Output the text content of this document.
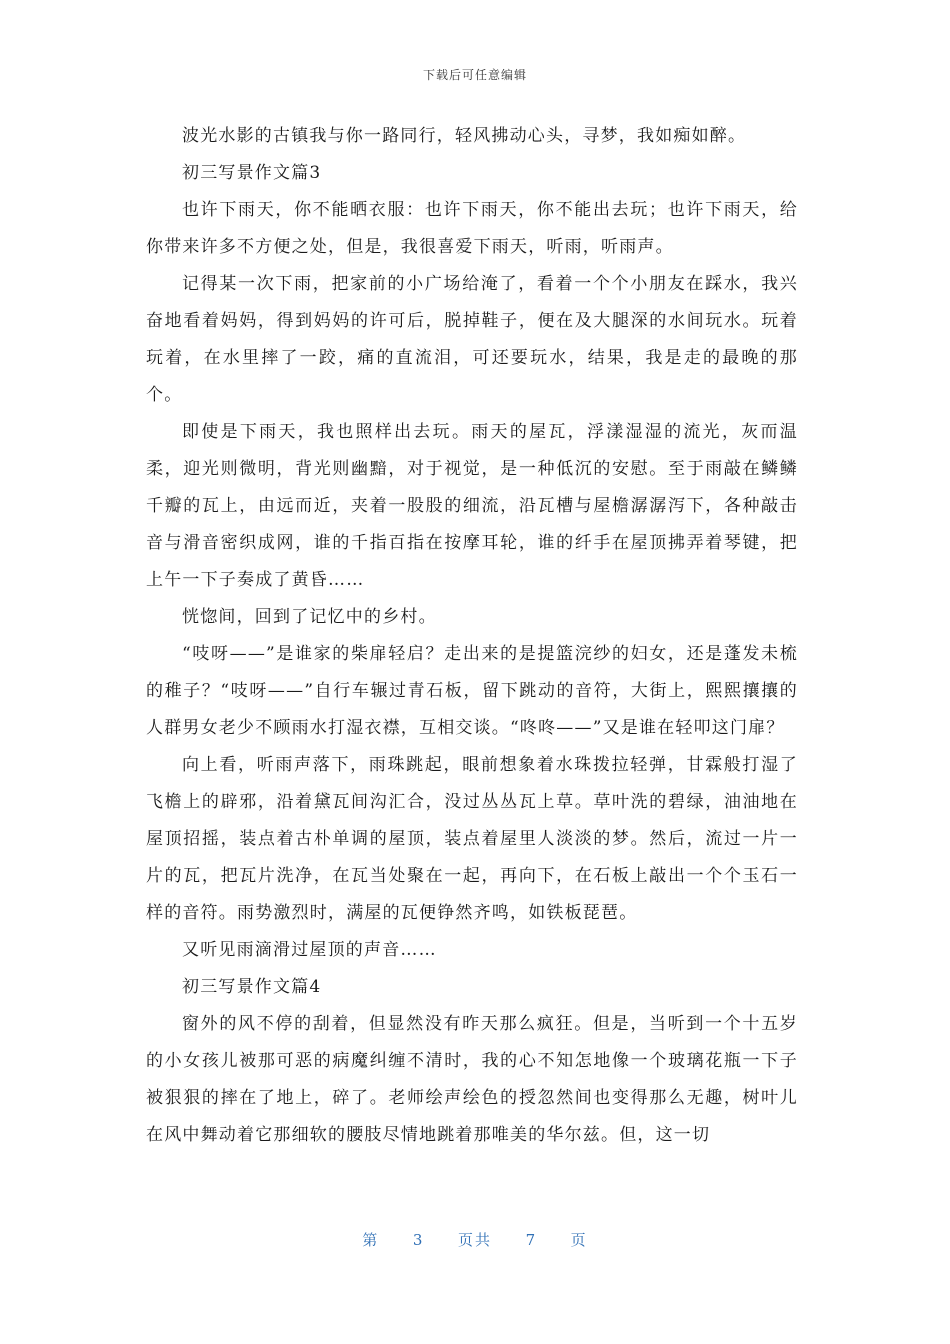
下载后可任意编辑

波光水影的古镇我与你一路同行，轻风拂动心头，寻梦，我如痴如醉。

初三写景作文篇3

也许下雨天，你不能晒衣服：也许下雨天，你不能出去玩；也许下雨天，给你带来许多不方便之处，但是，我很喜爱下雨天，听雨，听雨声。

记得某一次下雨，把家前的小广场给淹了，看着一个个小朋友在踩水，我兴奋地看着妈妈，得到妈妈的许可后，脱掉鞋子，便在及大腿深的水间玩水。玩着玩着，在水里摔了一跤，痛的直流泪，可还要玩水，结果，我是走的最晚的那个。

即使是下雨天，我也照样出去玩。雨天的屋瓦，浮漾湿湿的流光，灰而温柔，迎光则微明，背光则幽黯，对于视觉，是一种低沉的安慰。至于雨敲在鳞鳞千瓣的瓦上，由远而近，夹着一股股的细流，沿瓦槽与屋檐潺潺泻下，各种敲击音与滑音密织成网，谁的千指百指在按摩耳轮，谁的纤手在屋顶拂弄着琴键，把上午一下子奏成了黄昏……

恍惚间，回到了记忆中的乡村。

“吱呀——”是谁家的柴扉轻启？走出来的是提篮浣纱的妇女，还是蓬发未梳的稚子？“吱呀——”自行车辗过青石板，留下跳动的音符，大街上，熙熙攘攘的人群男女老少不顾雨水打湿衣襟，互相交谈。“咚咚——”又是谁在轻叩这门扉？

向上看，听雨声落下，雨珠跳起，眼前想象着水珠拨拉轻弹，甘霖般打湿了飞檐上的辟邪，沿着黛瓦间沟汇合，没过丛丛瓦上草。草叶洗的碧绿，油油地在屋顶招摇，装点着古朴单调的屋顶，装点着屋里人淡淡的梦。然后，流过一片一片的瓦，把瓦片洗净，在瓦当处聚在一起，再向下，在石板上敲出一个个玉石一样的音符。雨势激烈时，满屋的瓦便铮然齐鸣，如铁板琵琶。

又听见雨滴滑过屋顶的声音……

初三写景作文篇4

窗外的风不停的刮着，但显然没有昨天那么疯狂。但是，当听到一个十五岁的小女孩儿被那可恶的病魔纠缠不清时，我的心不知怎地像一个玻璃花瓶一下子被狠狠的摔在了地上，碎了。老师绘声绘色的授忽然间也变得那么无趣，树叶儿在风中舞动着它那细软的腰肢尽情地跳着那唯美的华尔兹。但，这一切

第 3 页共 7 页
